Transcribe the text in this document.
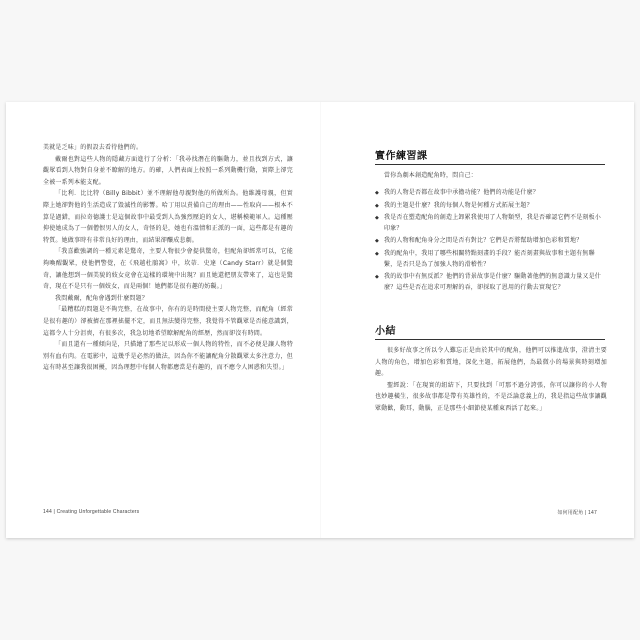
美就是乏味」的假設去看待他們的。

戴爾也對這些人物的隱藏方面進行了分析：「我尋找潛在的驅動力，並且找到方式，讓觀眾看到人物對自身並不瞭解的地方。的確，人們表面上按照一系列動機行動，實際上卻完全被一系列本能支配。

「比利．比比特（Billy Bibbit）並不理解他母親對他的所做所為。他維護母親，但實際上她卻對他的生活造成了毀滅性的影響。哈丁用以責備自己的理由——性取向——根本不算是過錯，而拉奇德護士是這個故事中最受到人為強烈壓迫的女人，堪稱模範軍人。這種壓抑使她成為了一個僧恨男人的女人，奇怪的是，她也有溫情和正派的一面，這些都是有趣的特質。她做事時有非常良好的理由，而結果卻釀成悲劇。

「我喜歡強調的一種元素是驚奇，主要人物很少會提供驚奇，但配角卻經常可以，它能夠喚醒觀眾，使他們警覺，在《飛越杜鵑窩》中，坎蒂．史達（Candy Starr）就是個驚奇，讓他想到一個美貌的妓女竟會在這樣的環境中出現？而且她還把朋友帶來了，這也是驚奇，現在不是只有一個妓女，而是兩個！她們都是很有趣的妨礙。」

我問戴爾，配角會遇到什麼問題？

「最糟糕的問題是不夠完整，在故事中，你有的是時間使主要人物完整，而配角（經常是很有趣的）卻被擠在那裡搖擺不定，而且無法變得完整，我覺得不管觀眾是否能意識到，這都令人十分沮喪，有很多次，我急切地希望瞭解配角的經歷，然而卻沒有時間。

「而且還有一種傾向是，只描繪了那些足以形成一個人物的特性，而不必便是讓人物特別有血有肉。在電影中，這幾乎是必然的做法，因為你不能讓配角分散觀眾太多注意力，但這有時甚至讓我很困擾，因為理想中每個人物都應當是有趣的，而不應令人困惑和失望。」

144 | Creating Unforgettable Characters
實作練習課

當你為劇本創造配角時，問自己：

◆ 我的人物是否都在故事中承擔功能？他們的功能是什麼？
◆ 我的主題是什麼？我的每個人物是何種方式拓展主題？
◆ 我是否在塑造配角的創造上卸累我使用了人物類型，我是否確認它們不是刻板小印象？
◆ 我的人物和配角身分之間是否有對比？它們是否將幫助增加色彩和質地？
◆ 我的配角中，我用了哪些相關特點刻畫的手段？能否刻畫與故事和主題有無聯繫，是否只是為了加強人物的滑稽性？
◆ 我的故事中有無反派？他們的背景故事是什麼？驅動著他們的無意識力量又是什麼？這些是否在追求可理解的吞，卻採取了恩用的行動去實現它？
小結

很多好故事之所以令人難忘正是由於其中的配角，他們可以推進故事，澄清主要人物的角色，增加色彩和質地，深化主題，拓展他們，為最微小的場景與時刻增加趣。

聖經說：「在現實的紐結下，只要找到「可那不過分誇張，你可以讓你的小人物也妙趣橫生，很多故事都是帶有英雄性的，不是泛論意義上的，我是指這些故事讓觀眾動歡，動耳，動腦，正是那些小細節使某種東西活了起來。」

如何用配角 | 147
